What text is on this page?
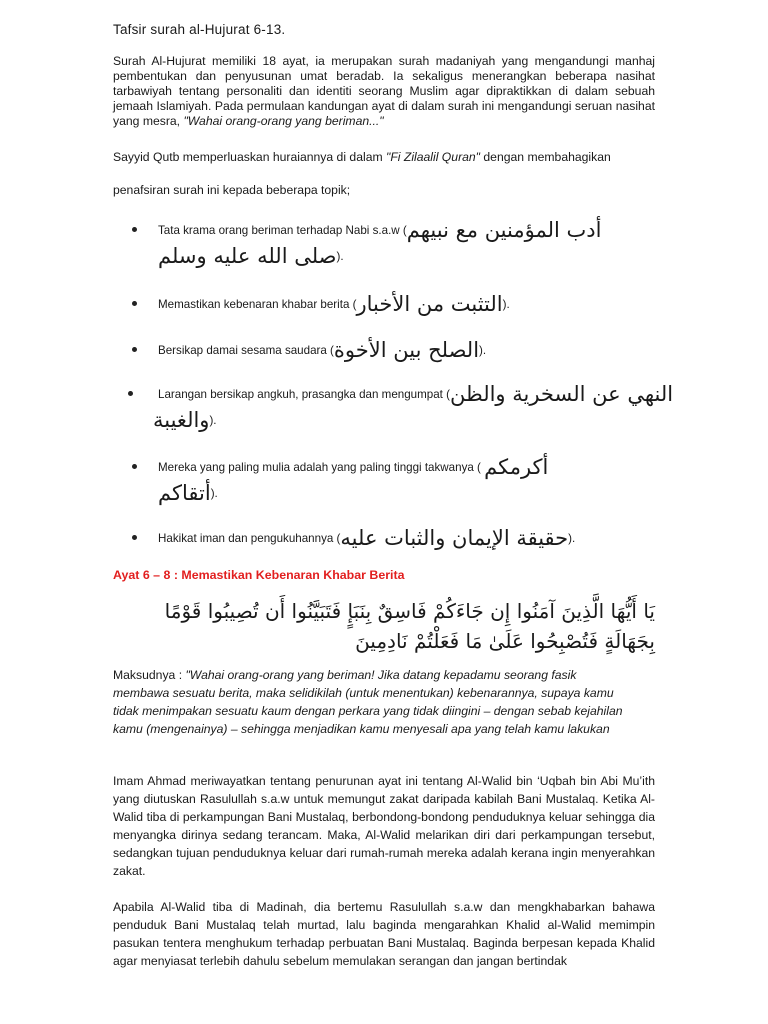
Tafsir surah al-Hujurat 6-13.
Surah Al-Hujurat memiliki 18 ayat, ia merupakan surah madaniyah yang mengandungi manhaj pembentukan dan penyusunan umat beradab. Ia sekaligus menerangkan beberapa nasihat tarbawiyah tentang personaliti dan identiti seorang Muslim agar dipraktikkan di dalam sebuah jemaah Islamiyah. Pada permulaan kandungan ayat di dalam surah ini mengandungi seruan nasihat yang mesra, "Wahai orang-orang yang beriman..."
Sayyid Qutb memperluaskan huraiannya di dalam "Fi Zilaalil Quran" dengan membahagikan
penafsiran surah ini kepada beberapa topik;
Tata krama orang beriman terhadap Nabi s.a.w (أدب المؤمنين مع نبيهم
صلى الله عليه وسلم).
Memastikan kebenaran khabar berita (التثبت من الأخبار).
Bersikap damai sesama saudara (الصلح بين الأخوة).
Larangan bersikap angkuh, prasangka dan mengumpat (النهي عن السخرية والظن
والغيبة).
Mereka yang paling mulia adalah yang paling tinggi takwanya ( أكرمكم
أتقاكم).
Hakikat iman dan pengukuhannya (حقيقة الإيمان والثبات عليه).
Ayat 6 – 8 : Memastikan Kebenaran Khabar Berita
يَا أَيُّهَا الَّذِينَ آمَنُوا إِن جَاءَكُمْ فَاسِقٌ بِنَبَإٍ فَتَبَيَّنُوا أَن تُصِيبُوا قَوْمًا
بِجَهَالَةٍ فَتُصْبِحُوا عَلَىٰ مَا فَعَلْتُمْ نَادِمِينَ
Maksudnya : "Wahai orang-orang yang beriman! Jika datang kepadamu seorang fasik membawa sesuatu berita, maka selidikilah (untuk menentukan) kebenarannya, supaya kamu tidak menimpakan sesuatu kaum dengan perkara yang tidak diingini – dengan sebab kejahilan kamu (mengenainya) – sehingga menjadikan kamu menyesali apa yang telah kamu lakukan
Imam Ahmad meriwayatkan tentang penurunan ayat ini tentang Al-Walid bin ‘Uqbah bin Abi Mu’ith yang diutuskan Rasulullah s.a.w untuk memungut zakat daripada kabilah Bani Mustalaq. Ketika Al-Walid tiba di perkampungan Bani Mustalaq, berbondong-bondong penduduknya keluar sehingga dia menyangka dirinya sedang terancam. Maka, Al-Walid melarikan diri dari perkampungan tersebut, sedangkan tujuan penduduknya keluar dari rumah-rumah mereka adalah kerana ingin menyerahkan zakat.
Apabila Al-Walid tiba di Madinah, dia bertemu Rasulullah s.a.w dan mengkhabarkan bahawa penduduk Bani Mustalaq telah murtad, lalu baginda mengarahkan Khalid al-Walid memimpin pasukan tentera menghukum terhadap perbuatan Bani Mustalaq. Baginda berpesan kepada Khalid agar menyiasat terlebih dahulu sebelum memulakan serangan dan jangan bertindak
